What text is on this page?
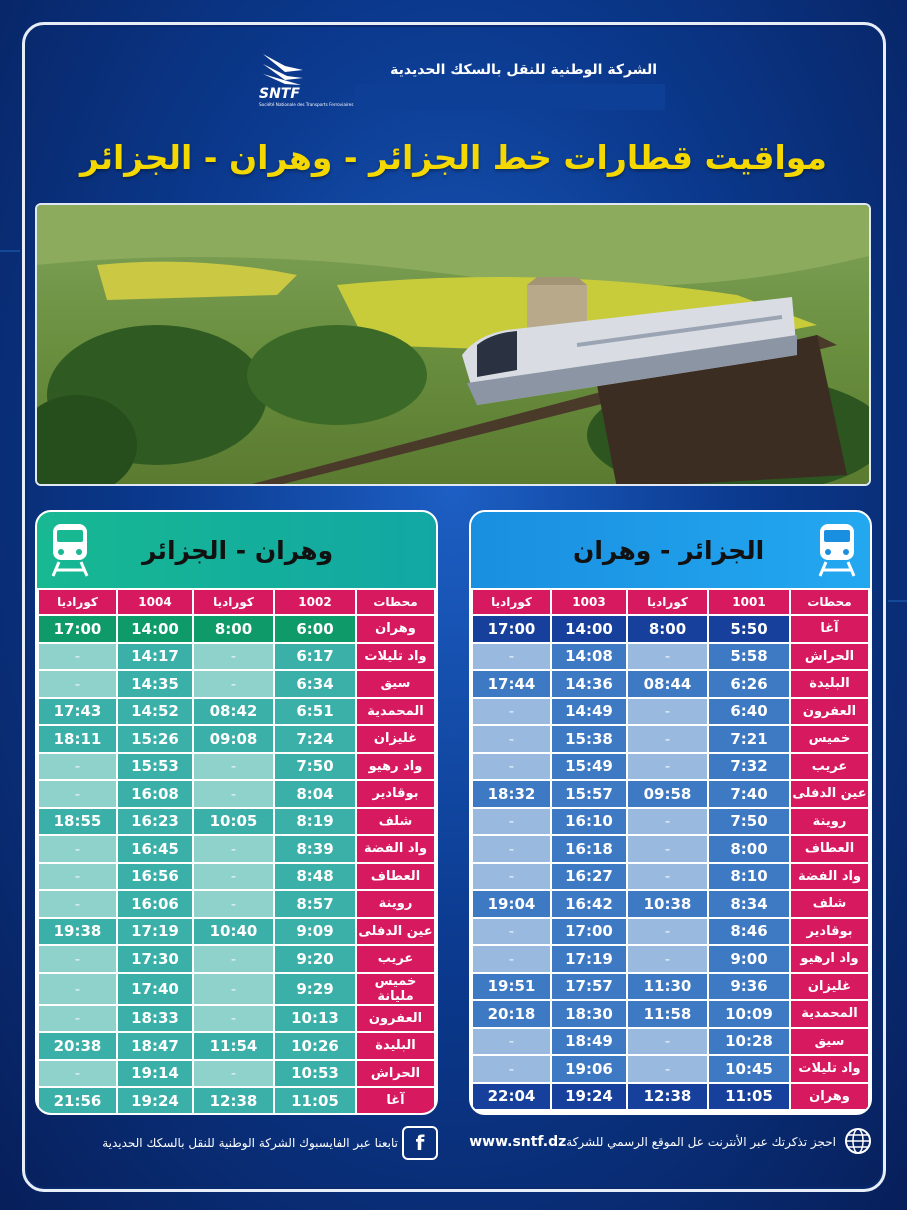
SNTF
Société Nationale des Transports Ferroviaires
الشركة الوطنية للنقل بالسكك الحديدية
مواقيت قطارات خط الجزائر - وهران - الجزائر
وهران - الجزائر
كوراديا	1004	كوراديا	1002	محطات
17:00	14:00	8:00	6:00	وهران
-	14:17	-	6:17	واد تليلات
-	14:35	-	6:34	سيق
17:43	14:52	08:42	6:51	المحمدية
18:11	15:26	09:08	7:24	غليزان
-	15:53	-	7:50	واد رهيو
-	16:08	-	8:04	بوقادير
18:55	16:23	10:05	8:19	شلف
-	16:45	-	8:39	واد الفضة
-	16:56	-	8:48	العطاف
-	16:06	-	8:57	روينة
19:38	17:19	10:40	9:09	عين الدفلى
-	17:30	-	9:20	عريب
-	17:40	-	9:29	خميس مليانة
-	18:33	-	10:13	العفرون
20:38	18:47	11:54	10:26	البليدة
-	19:14	-	10:53	الحراش
21:56	19:24	12:38	11:05	آغا
الجزائر - وهران
كوراديا	1003	كوراديا	1001	محطات
17:00	14:00	8:00	5:50	آغا
-	14:08	-	5:58	الحراش
17:44	14:36	08:44	6:26	البليدة
-	14:49	-	6:40	العفرون
-	15:38	-	7:21	خميس
-	15:49	-	7:32	عريب
18:32	15:57	09:58	7:40	عين الدفلى
-	16:10	-	7:50	روينة
-	16:18	-	8:00	العطاف
-	16:27	-	8:10	واد الفضة
19:04	16:42	10:38	8:34	شلف
-	17:00	-	8:46	بوقادير
-	17:19	-	9:00	واد ارهيو
19:51	17:57	11:30	9:36	غليزان
20:18	18:30	11:58	10:09	المحمدية
-	18:49	-	10:28	سيق
-	19:06	-	10:45	واد تليلات
22:04	19:24	12:38	11:05	وهران
تابعنا عبر الفايسبوك الشركة الوطنية للنقل بالسكك الحديدية f	احجز تذكرتك عبر الأنترنت عل الموقع الرسمي للشركةwww.sntf.dz
